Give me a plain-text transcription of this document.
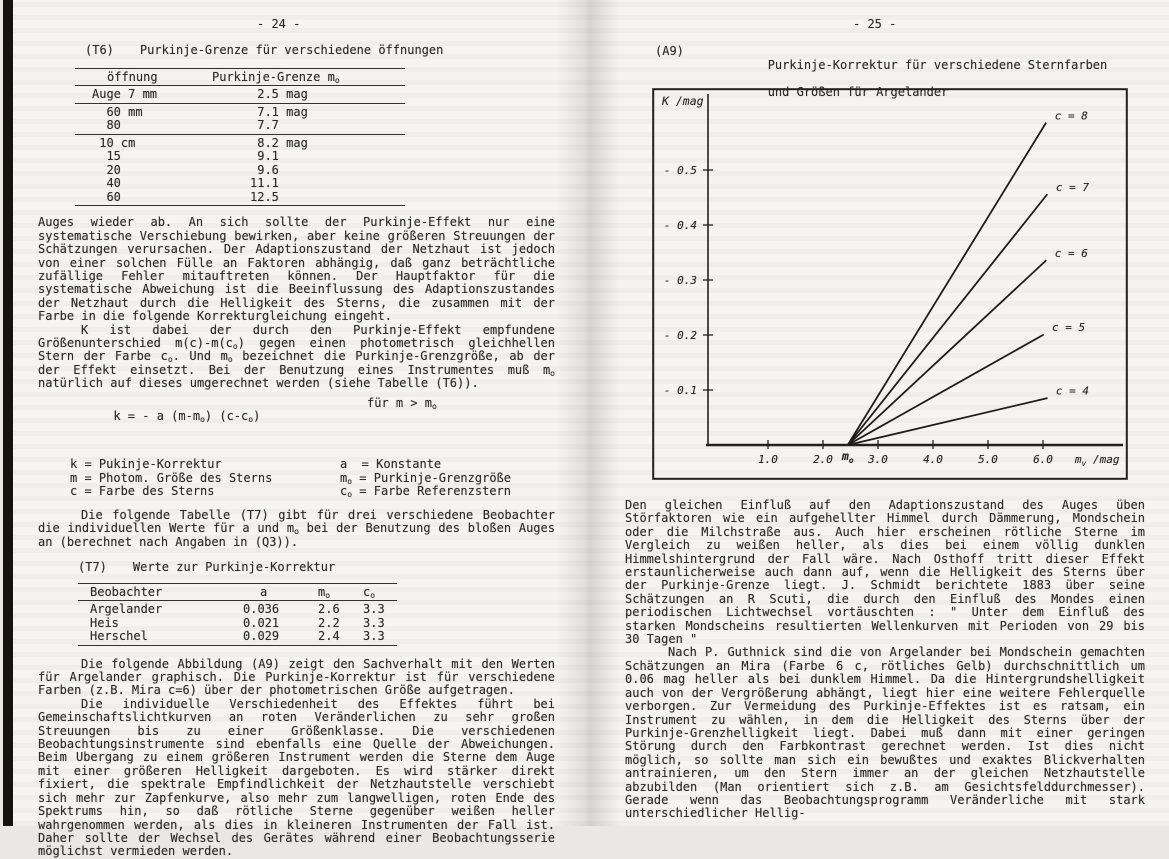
- 24 -

(T6) Purkinje-Grenze für verschiedene öffnungen
öffnung	Purkinje-Grenze $m_o$
Auge 7 mm	2.5 mag
60 mm	7.1 mag
80	7.7
10 cm	8.2 mag
15	9.1
20	9.6
40	11.1
60	12.5

Auges wieder ab. An sich sollte der Purkinje-Effekt nur eine systematische Verschiebung bewirken, aber keine größeren Streuungen der Schätzungen verursachen. Der Adaptionszustand der Netzhaut ist jedoch von einer solchen Fülle an Faktoren abhängig, daß ganz beträchtliche zufällige Fehler mitauftreten können. Der Hauptfaktor für die systematische Abweichung ist die Beeinflussung des Adaptionszustandes der Netzhaut durch die Helligkeit des Sterns, die zusammen mit der Farbe in die folgende Korrekturgleichung eingeht.

K ist dabei der durch den Purkinje-Effekt empfundene Größenunterschied $m(c)-m(c_o)$ gegen einen photometrisch gleichhellen Stern der Farbe $c_o$. Und $m_o$ bezeichnet die Purkinje-Grenzgröße, ab der der Effekt einsetzt. Bei der Benutzung eines Instrumentes muß $m_o$ natürlich auf dieses umgerechnet werden (siehe Tabelle (T6)).

k = - a $(m-m_o)$ $(c-c_o)$

für $m > m_o$

k = Pukinje-Korrektur
m = Photom. Größe des Sterns
c = Farbe des Sterns
a  = Konstante
$m_o$ = Purkinje-Grenzgröße
$c_o$ = Farbe Referenzstern

Die folgende Tabelle (T7) gibt für drei verschiedene Beobachter die individuellen Werte für a und $m_o$ bei der Benutzung des bloßen Auges an (berechnet nach Angaben in (Q3)).

(T7) Werte zur Purkinje-Korrektur
Beobachter	a	$m_o$	$c_o$
Argelander	0.036	2.6	3.3
Heis	0.021	2.2	3.3
Herschel	0.029	2.4	3.3

Die folgende Abbildung (A9) zeigt den Sachverhalt mit den Werten für Argelander graphisch. Die Purkinje-Korrektur ist für verschiedene Farben (z.B. Mira c=6) über der photometrischen Größe aufgetragen.

Die individuelle Verschiedenheit des Effektes führt bei Gemeinschaftslichtkurven an roten Veränderlichen zu sehr großen Streuungen bis zu einer Größenklasse. Die verschiedenen Beobachtungsinstrumente sind ebenfalls eine Quelle der Abweichungen. Beim Ubergang zu einem größeren Instrument werden die Sterne dem Auge mit einer größeren Helligkeit dargeboten. Es wird stärker direkt fixiert, die spektrale Empfindlichkeit der Netzhautstelle verschiebt sich mehr zur Zapfenkurve, also mehr zum langwelligen, roten Ende des Spektrums hin, so daß rötliche Sterne gegenüber weißen heller wahrgenommen werden, als dies in kleineren Instrumenten der Fall ist. Daher sollte der Wechsel des Gerätes während einer Beobachtungsserie möglichst vermieden werden.

- 25 -

(A9)

Purkinje-Korrektur für verschiedene Sternfarben

und Größen für Argelander

K /mag
$m_v$ /mag
1.0	2.0	3.0	4.0	5.0	6.0
$m_o$
- 0.5
- 0.4
- 0.3
- 0.2
- 0.1
c = 8
c = 7
c = 6
c = 5
c = 4

Den gleichen Einfluß auf den Adaptionszustand des Auges üben Störfaktoren wie ein aufgehellter Himmel durch Dämmerung, Mondschein oder die Milchstraße aus. Auch hier erscheinen rötliche Sterne im Vergleich zu weißen heller, als dies bei einem völlig dunklen Himmelshintergrund der Fall wäre. Nach Osthoff tritt dieser Effekt erstaunlicherweise auch dann auf, wenn die Helligkeit des Sterns über der Purkinje-Grenze liegt. J. Schmidt berichtete 1883 über seine Schätzungen an R Scuti, die durch den Einfluß des Mondes einen periodischen Lichtwechsel vortäuschten : " Unter dem Einfluß des starken Mondscheins resultierten Wellenkurven mit Perioden von 29 bis 30 Tagen "

Nach P. Guthnick sind die von Argelander bei Mondschein gemachten Schätzungen an Mira (Farbe 6 c, rötliches Gelb) durchschnittlich um 0.06 mag heller als bei dunklem Himmel. Da die Hintergrundshelligkeit auch von der Vergrößerung abhängt, liegt hier eine weitere Fehlerquelle verborgen. Zur Vermeidung des Purkinje-Effektes ist es ratsam, ein Instrument zu wählen, in dem die Helligkeit des Sterns über der Purkinje-Grenzhelligkeit liegt. Dabei muß dann mit einer geringen Störung durch den Farbkontrast gerechnet werden. Ist dies nicht möglich, so sollte man sich ein bewußtes und exaktes Blickverhalten antrainieren, um den Stern immer an der gleichen Netzhautstelle abzubilden (Man orientiert sich z.B. am Gesichtsfelddurchmesser). Gerade wenn das Beobachtungsprogramm Veränderliche mit stark unterschiedlicher Hellig-
